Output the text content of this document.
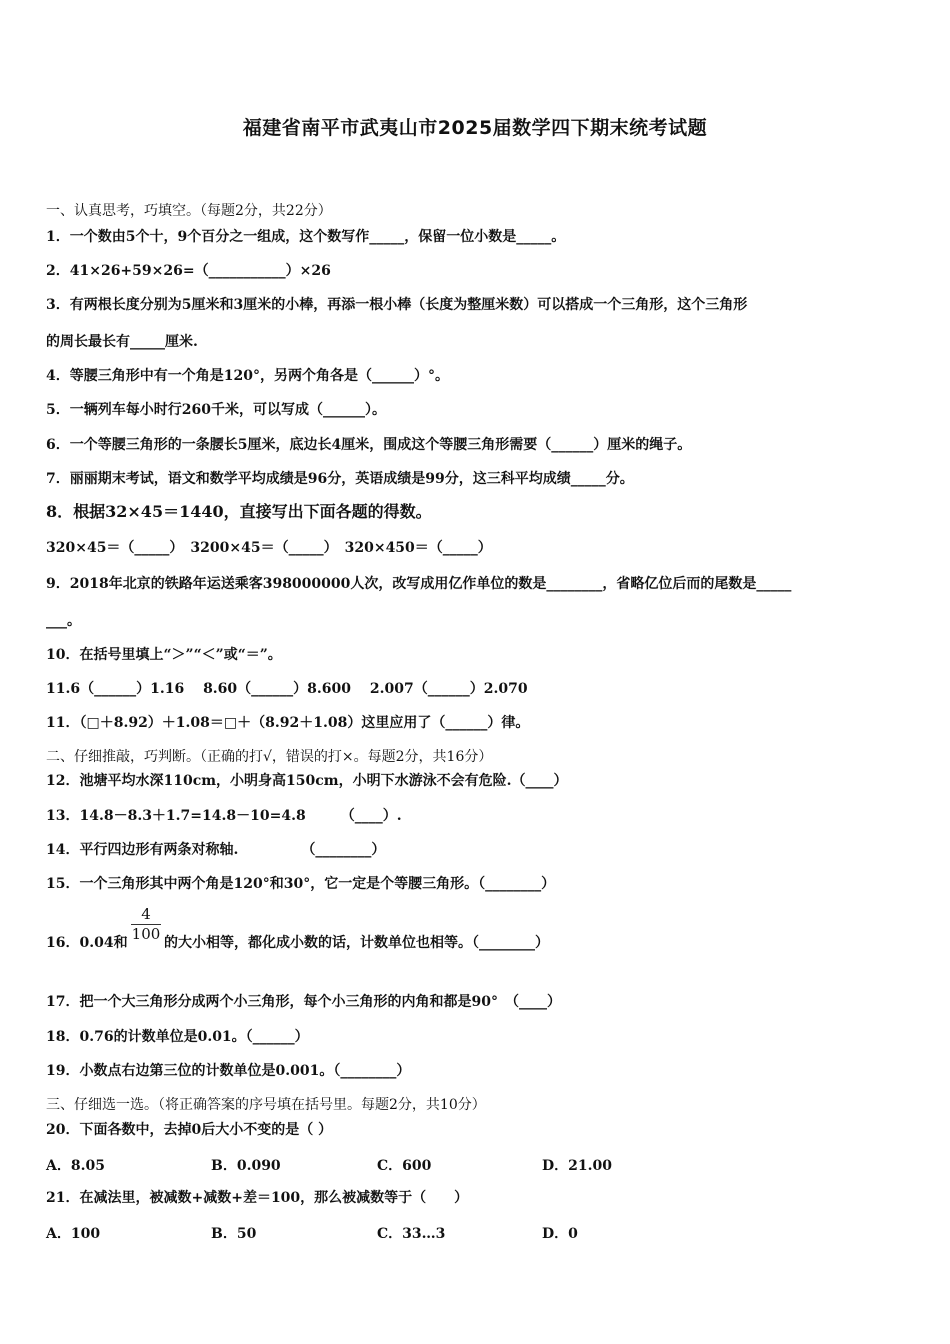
福建省南平市武夷山市2025届数学四下期末统考试题
一、认真思考，巧填空。（每题2分，共22分）
1．一个数由5个十，9个百分之一组成，这个数写作_____，保留一位小数是_____。
2．41×26+59×26=（___________）×26
3．有两根长度分别为5厘米和3厘米的小棒，再添一根小棒（长度为整厘米数）可以搭成一个三角形，这个三角形
的周长最长有_____厘米.
4．等腰三角形中有一个角是120°，另两个角各是（______）°。
5．一辆列车每小时行260千米，可以写成（______）。
6．一个等腰三角形的一条腰长5厘米，底边长4厘米，围成这个等腰三角形需要（______）厘米的绳子。
7．丽丽期末考试，语文和数学平均成绩是96分，英语成绩是99分，这三科平均成绩_____分。
8．根据32×45＝1440，直接写出下面各题的得数。
320×45＝（_____）　3200×45＝（_____）　320×450＝（_____）
9．2018年北京的铁路年运送乘客398000000人次，改写成用亿作单位的数是________，省略亿位后而的尾数是_____
___。
10．在括号里填上“＞”“＜”或“＝”。
11.6（______）1.16　 8.60（______）8.600　 2.007（______）2.070
11．（□＋8.92）＋1.08＝□＋（8.92＋1.08）这里应用了（______）律。
二、仔细推敲，巧判断。（正确的打√，错误的打×。每题2分，共16分）
12．池塘平均水深110cm，小明身高150cm，小明下水游泳不会有危险.（____）
13．14.8－8.3＋1.7=14.8－10=4.8　　　（____）.
14．平行四边形有两条对称轴.　　　　　（________）
15．一个三角形其中两个角是120°和30°，它一定是个等腰三角形。（________）
16．0.04和 $\frac{4}{100}$ 的大小相等，都化成小数的话，计数单位也相等。（________）
17．把一个大三角形分成两个小三角形，每个小三角形的内角和都是90°　（____）
18．0.76的计数单位是0.01。（______）
19．小数点右边第三位的计数单位是0.001。（________）
三、仔细选一选。（将正确答案的序号填在括号里。每题2分，共10分）
20．下面各数中，去掉0后大小不变的是（ ）
A．8.05	B．0.090	C．600	D．21.00
21．在减法里，被减数+减数+差＝100，那么被减数等于（　　）
A．100	B．50	C．33…3	D．0
